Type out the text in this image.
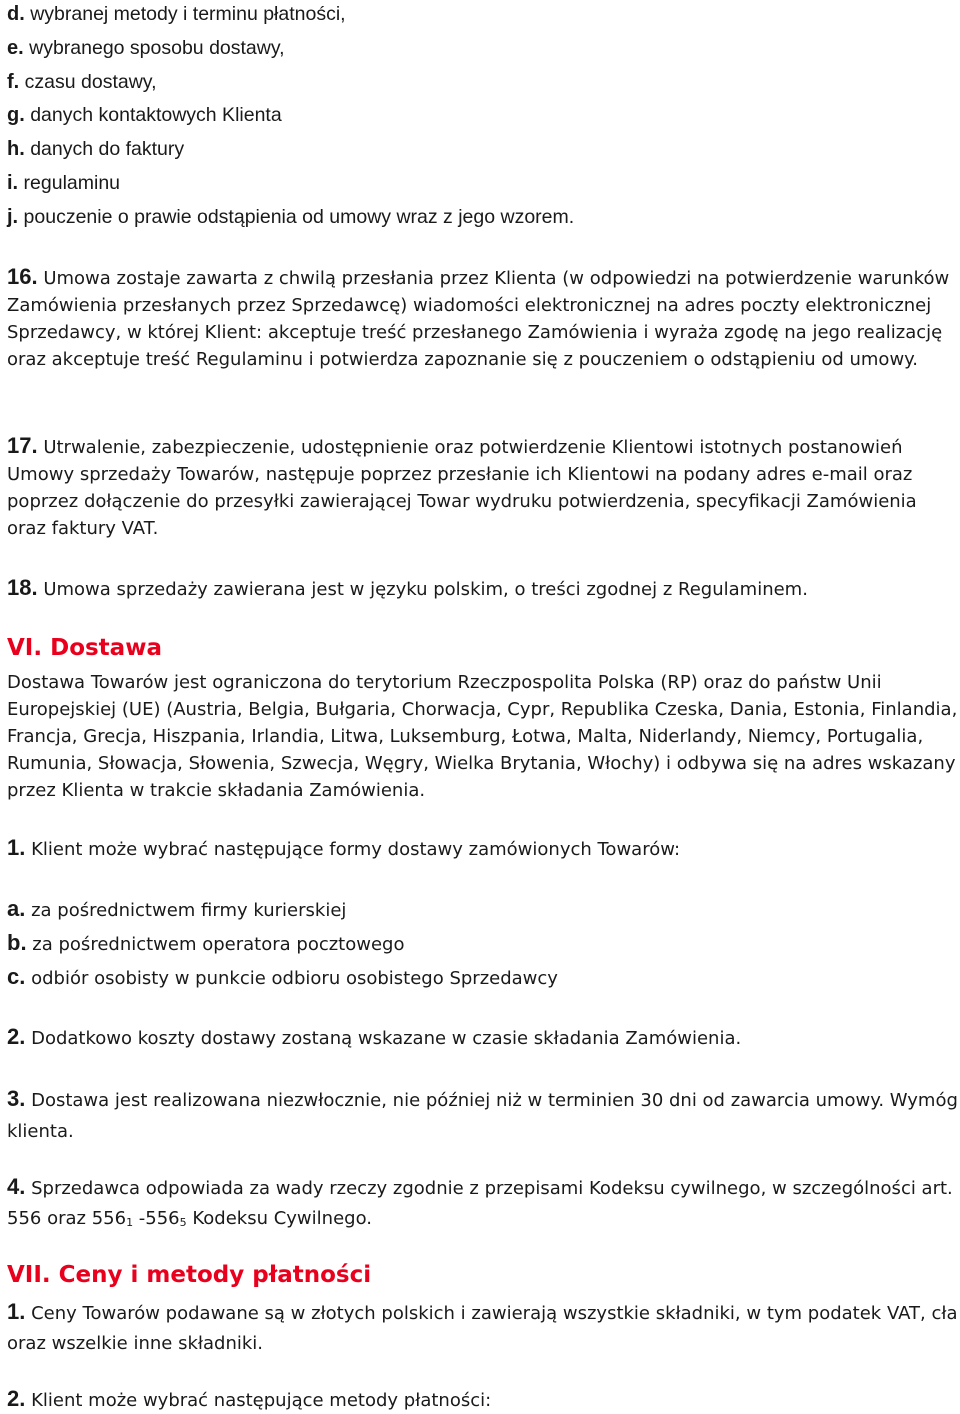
d. wybranej metody i terminu płatności,
e. wybranego sposobu dostawy,
f. czasu dostawy,
g. danych kontaktowych Klienta
h. danych do faktury
i. regulaminu
j. pouczenie o prawie odstąpienia od umowy wraz z jego wzorem.
16. Umowa zostaje zawarta z chwilą przesłania przez Klienta (w odpowiedzi na potwierdzenie warunków Zamówienia przesłanych przez Sprzedawcę) wiadomości elektronicznej na adres poczty elektronicznej Sprzedawcy, w której Klient: akceptuje treść przesłanego Zamówienia i wyraża zgodę na jego realizację oraz akceptuje treść Regulaminu i potwierdza zapoznanie się z pouczeniem o odstąpieniu od umowy.
17. Utrwalenie, zabezpieczenie, udostępnienie oraz potwierdzenie Klientowi istotnych postanowień Umowy sprzedaży Towarów, następuje poprzez przesłanie ich Klientowi na podany adres e-mail oraz poprzez dołączenie do przesyłki zawierającej Towar wydruku potwierdzenia, specyfikacji Zamówienia oraz faktury VAT.
18. Umowa sprzedaży zawierana jest w języku polskim, o treści zgodnej z Regulaminem.
VI. Dostawa
Dostawa Towarów jest ograniczona do terytorium Rzeczpospolita Polska (RP) oraz do państw Unii Europejskiej (UE) (Austria, Belgia, Bułgaria, Chorwacja, Cypr, Republika Czeska, Dania, Estonia, Finlandia, Francja, Grecja, Hiszpania, Irlandia, Litwa, Luksemburg, Łotwa, Malta, Niderlandy, Niemcy, Portugalia, Rumunia, Słowacja, Słowenia, Szwecja, Węgry, Wielka Brytania, Włochy) i odbywa się na adres wskazany przez Klienta w trakcie składania Zamówienia.
1. Klient może wybrać następujące formy dostawy zamówionych Towarów:
a. za pośrednictwem firmy kurierskiej
b. za pośrednictwem operatora pocztowego
c. odbiór osobisty w punkcie odbioru osobistego Sprzedawcy
2. Dodatkowo koszty dostawy zostaną wskazane w czasie składania Zamówienia.
3. Dostawa jest realizowana niezwłocznie, nie później niż w terminien 30 dni od zawarcia umowy. Wymóg klienta.
4. Sprzedawca odpowiada za wady rzeczy zgodnie z przepisami Kodeksu cywilnego, w szczególności art. 556 oraz 5561 -5565 Kodeksu Cywilnego.
VII. Ceny i metody płatności
1. Ceny Towarów podawane są w złotych polskich i zawierają wszystkie składniki, w tym podatek VAT, cła oraz wszelkie inne składniki.
2. Klient może wybrać następujące metody płatności:
